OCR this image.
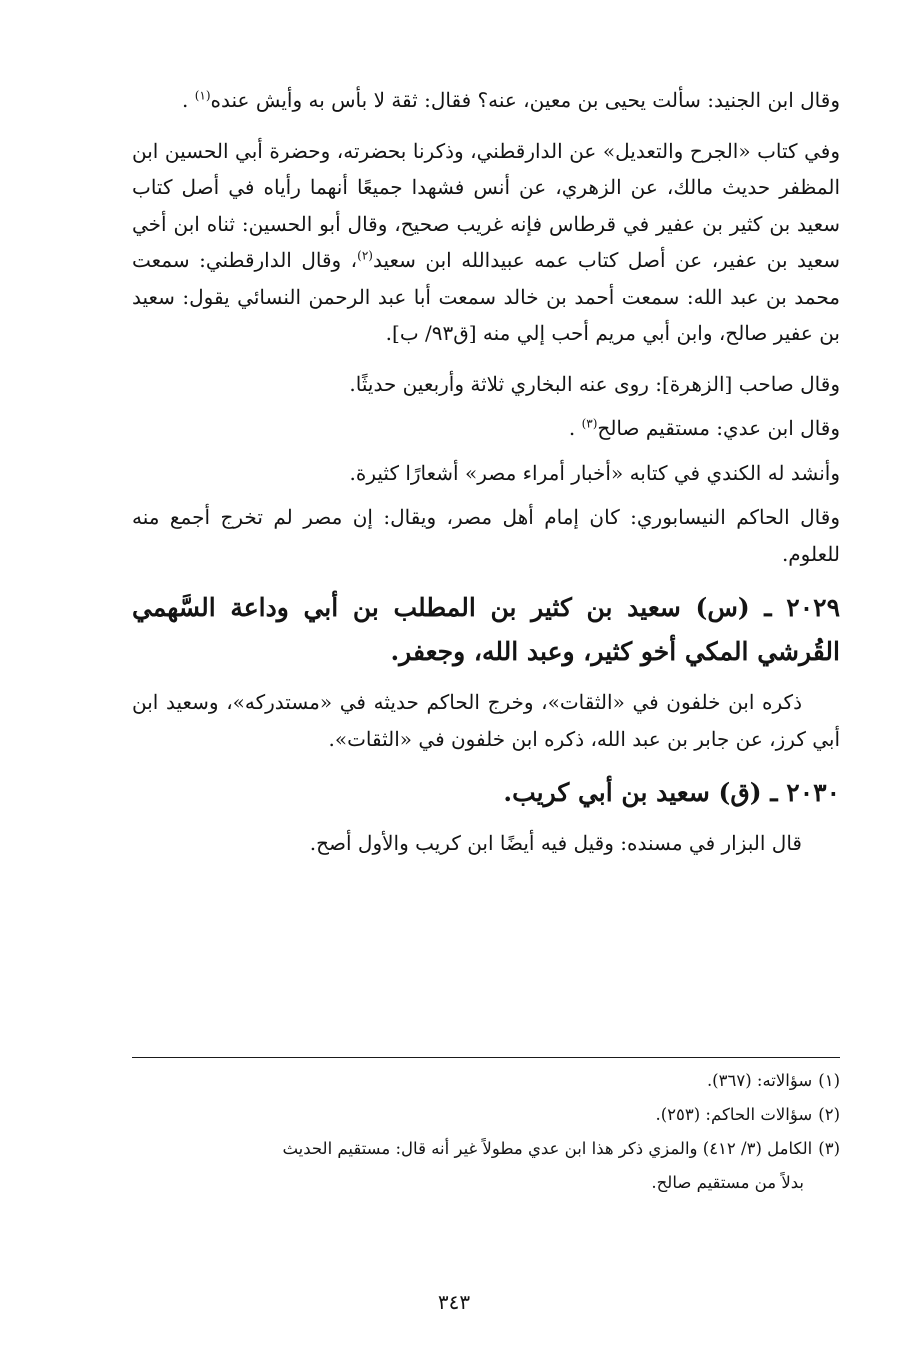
وقال ابن الجنيد: سألت يحيى بن معين، عنه؟ فقال: ثقة لا بأس به وأيش عنده$^{(١)}$ .

وفي كتاب «الجرح والتعديل» عن الدارقطني، وذكرنا بحضرته، وحضرة أبي الحسين ابن المظفر حديث مالك، عن الزهري، عن أنس فشهدا جميعًا أنهما رأياه في أصل كتاب سعيد بن كثير بن عفير في قرطاس فإنه غريب صحيح، وقال أبو الحسين: ثناه ابن أخي سعيد بن عفير، عن أصل كتاب عمه عبيدالله ابن سعيد$^{(٢)}$، وقال الدارقطني: سمعت محمد بن عبد الله: سمعت أحمد بن خالد سمعت أبا عبد الرحمن النسائي يقول: سعيد بن عفير صالح، وابن أبي مريم أحب إلي منه [ق٩٣/ ب].

وقال صاحب [الزهرة]: روى عنه البخاري ثلاثة وأربعين حديثًا.

وقال ابن عدي: مستقيم صالح$^{(٣)}$ .

وأنشد له الكندي في كتابه «أخبار أمراء مصر» أشعارًا كثيرة.

وقال الحاكم النيسابوري: كان إمام أهل مصر، ويقال: إن مصر لم تخرج أجمع منه للعلوم.

٢٠٢٩ ـ (س) سعيد بن كثير بن المطلب بن أبي وداعة السَّهمي القُرشي المكي أخو كثير، وعبد الله، وجعفر.

ذكره ابن خلفون في «الثقات»، وخرج الحاكم حديثه في «مستدركه»، وسعيد ابن أبي كرز، عن جابر بن عبد الله، ذكره ابن خلفون في «الثقات».

٢٠٣٠ ـ (ق) سعيد بن أبي كريب.

قال البزار في مسنده: وقيل فيه أيضًا ابن كريب والأول أصح.

(١)سؤالاته: (٣٦٧).

(٢)سؤالات الحاكم: (٢٥٣).

(٣)الكامل (٣/ ٤١٢) والمزي ذكر هذا ابن عدي مطولاً غير أنه قال: مستقيم الحديث

بدلاً من مستقيم صالح.

٣٤٣
